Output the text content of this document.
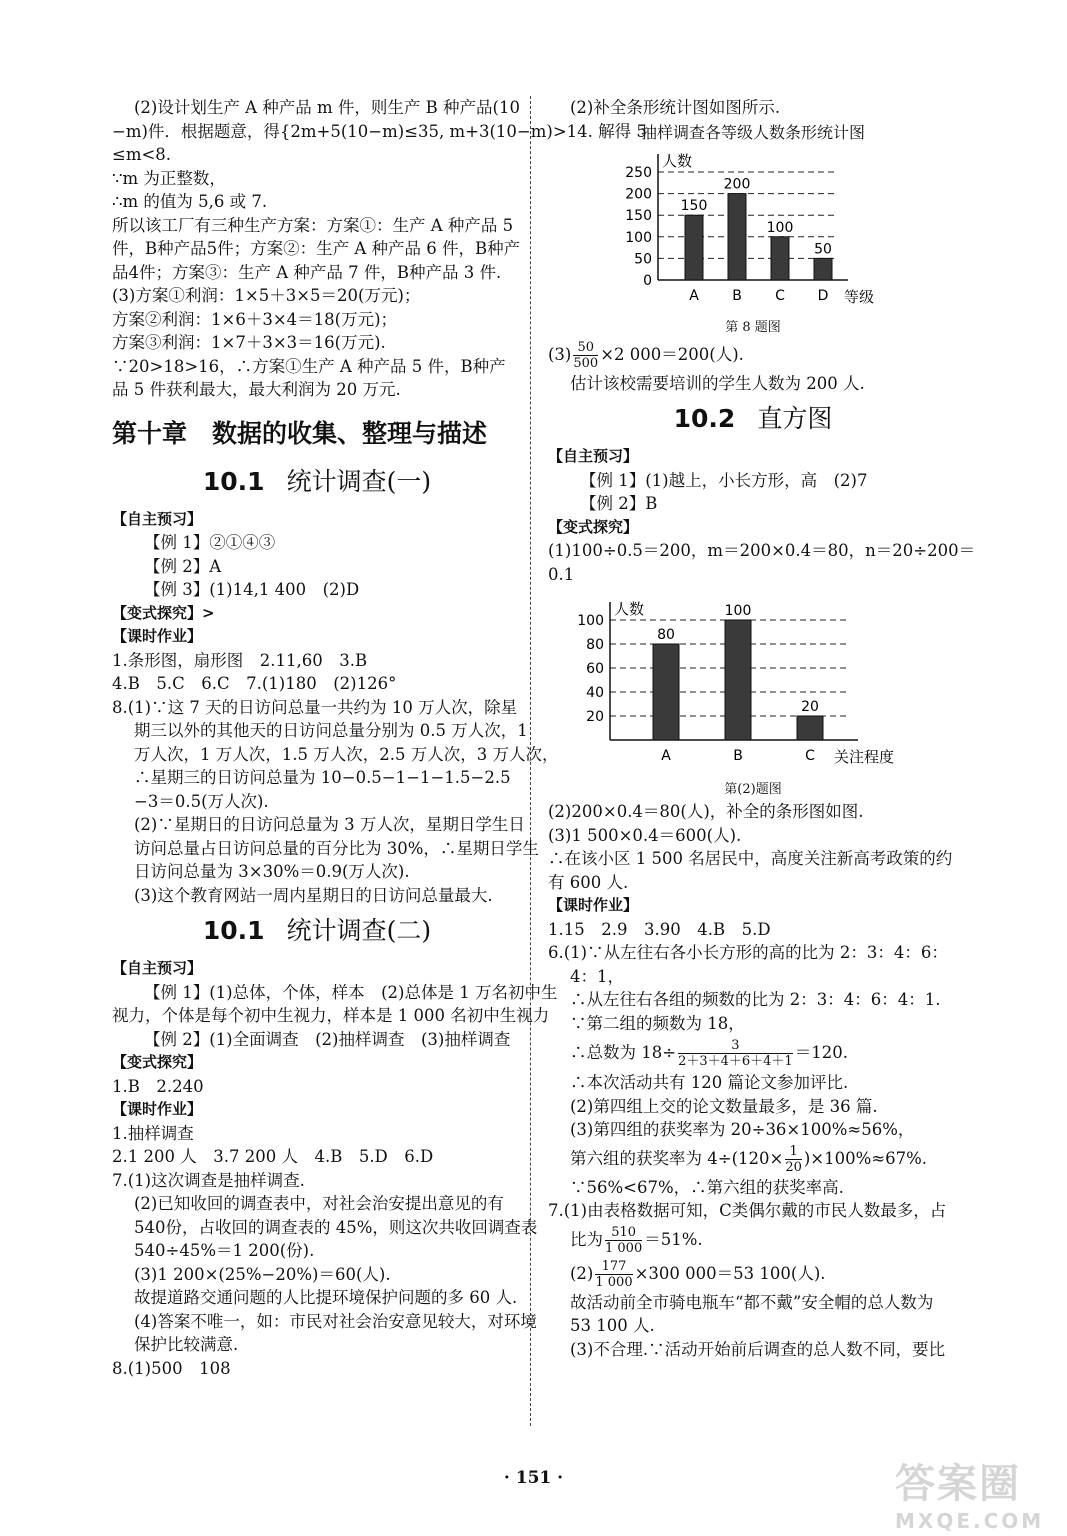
(2)设计划生产 A 种产品 m 件，则生产 B 种产品(10
−m)件．根据题意，得{2m+5(10−m)≤35, m+3(10−m)>14. 解得 5
≤m<8.
∵m 为正整数，
∴m 的值为 5,6 或 7.
所以该工厂有三种生产方案：方案①：生产 A 种产品 5
件，B种产品5件；方案②：生产 A 种产品 6 件，B种产
品4件；方案③：生产 A 种产品 7 件，B种产品 3 件.
(3)方案①利润：1×5＋3×5＝20(万元)；
方案②利润：1×6＋3×4＝18(万元)；
方案③利润：1×7＋3×3＝16(万元).
∵20>18>16，∴方案①生产 A 种产品 5 件，B种产
品 5 件获利最大，最大利润为 20 万元.
第十章　数据的收集、整理与描述
10.1 统计调查(一)
【自主预习】
【例 1】②①④③
【例 2】A
【例 3】(1)14,1 400　(2)D
【变式探究】>
【课时作业】
1.条形图，扇形图　2.11,60　3.B
4.B　5.C　6.C　7.(1)180　(2)126°
8.(1)∵这 7 天的日访问总量一共约为 10 万人次，除星
期三以外的其他天的日访问总量分别为 0.5 万人次，1
万人次，1 万人次，1.5 万人次，2.5 万人次，3 万人次，
∴星期三的日访问总量为 10−0.5−1−1−1.5−2.5
−3＝0.5(万人次).
(2)∵星期日的日访问总量为 3 万人次，星期日学生日
访问总量占日访问总量的百分比为 30%，∴星期日学生
日访问总量为 3×30%＝0.9(万人次).
(3)这个教育网站一周内星期日的日访问总量最大.
10.1 统计调查(二)
【自主预习】
【例 1】(1)总体，个体，样本　(2)总体是 1 万名初中生
视力，个体是每个初中生视力，样本是 1 000 名初中生视力
【例 2】(1)全面调查　(2)抽样调查　(3)抽样调查
【变式探究】
1.B　2.240
【课时作业】
1.抽样调查
2.1 200 人　3.7 200 人　4.B　5.D　6.D
7.(1)这次调查是抽样调查.
(2)已知收回的调查表中，对社会治安提出意见的有
540份，占收回的调查表的 45%，则这次共收回调查表
540÷45%＝1 200(份).
(3)1 200×(25%−20%)＝60(人).
故提道路交通问题的人比提环境保护问题的多 60 人.
(4)答案不唯一，如：市民对社会治安意见较大，对环境
保护比较满意.
8.(1)500　108
(2)补全条形统计图如图所示.
抽样调查各等级人数条形统计图
0
50
100
150
200
250
人数
等级
150
A
200
B
100
C
50
D
第 8 题图
$(3) \frac{50}{500} \times 2$ 000＝200(人).
估计该校需要培训的学生人数为 200 人.
10.2 直方图
【自主预习】
【例 1】(1)越上，小长方形，高　(2)7
【例 2】B
【变式探究】
(1)100÷0.5＝200，m＝200×0.4＝80，n＝20÷200＝
0.1
20
40
60
80
100
人数
关注程度
80
A
100
B
20
C
第(2)题图
(2)200×0.4＝80(人)，补全的条形图如图.
(3)1 500×0.4＝600(人).
∴在该小区 1 500 名居民中，高度关注新高考政策的约
有 600 人.
【课时作业】
1.15　2.9　3.90　4.B　5.D
6.(1)∵从左往右各小长方形的高的比为 2：3：4：6：
4：1，
∴从左往右各组的频数的比为 2：3：4：6：4：1.
∵第二组的频数为 18，
∴总数为 $18\div \frac{3}{2+3+4+6+4+1} =120$.
∴本次活动共有 120 篇论文参加评比.
(2)第四组上交的论文数量最多，是 36 篇.
(3)第四组的获奖率为 20÷36×100%≈56%，
第六组的获奖率为 $4\div(120\times \frac{1}{20} )\times 100\%\approx 67\%$.
∵56%<67%，∴第六组的获奖率高.
7.(1)由表格数据可知，C类偶尔戴的市民人数最多，占
比为 $\frac{510}{1 000} =51\%$.
$(2) \frac{177}{1 000} \times 300$ 000＝53 100(人).
故活动前全市骑电瓶车“都不戴”安全帽的总人数为
53 100 人.
(3)不合理.∵活动开始前后调查的总人数不同，要比
· 151 ·	答案圈
MXQE.COM
